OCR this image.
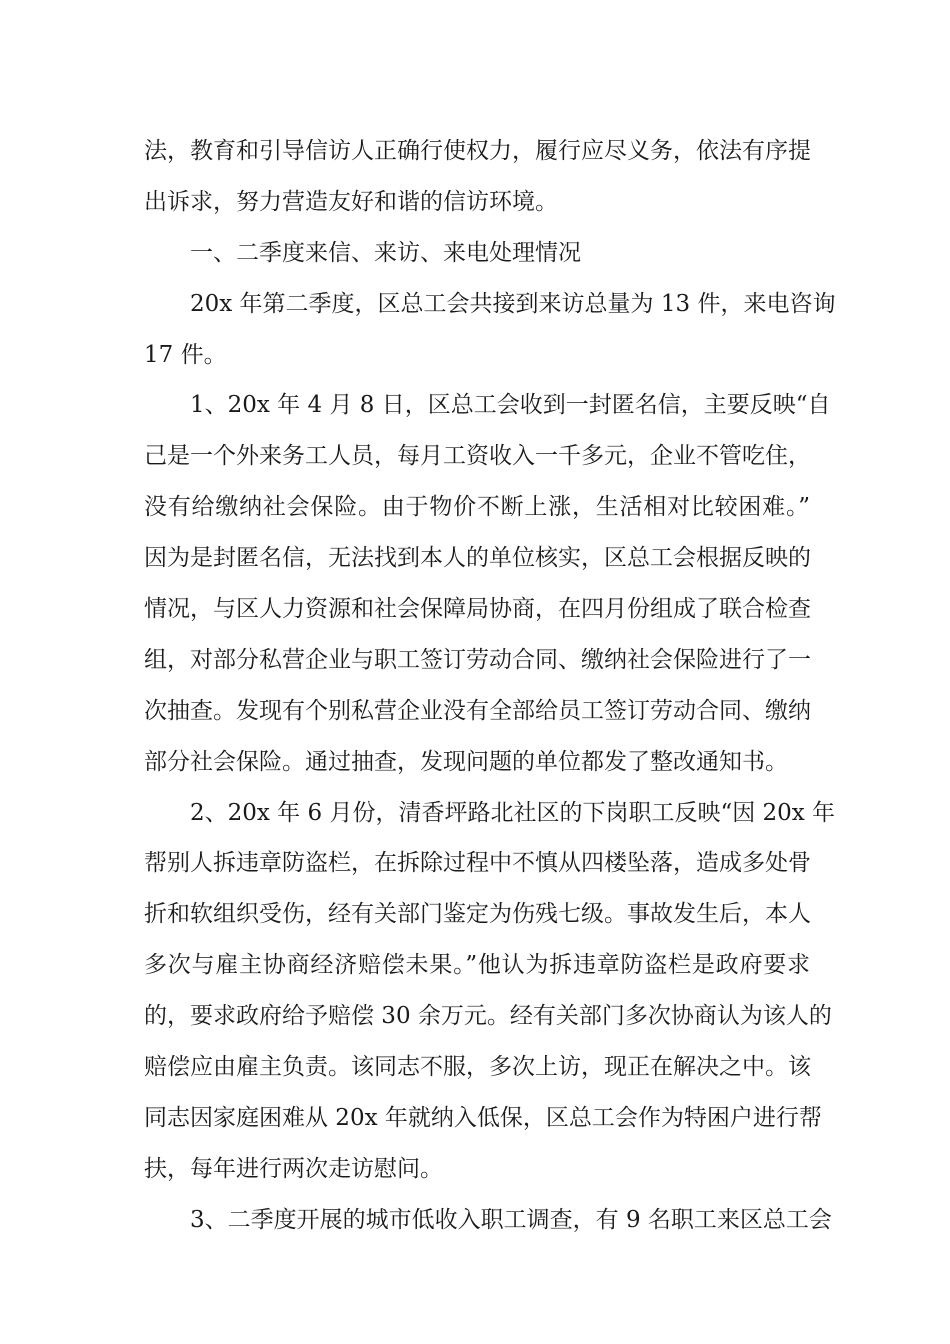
法，教育和引导信访人正确行使权力，履行应尽义务，依法有序提
出诉求，努力营造友好和谐的信访环境。
一、二季度来信、来访、来电处理情况
20x 年第二季度，区总工会共接到来访总量为 13 件，来电咨询
17 件。
1、20x 年 4 月 8 日，区总工会收到一封匿名信，主要反映“自
己是一个外来务工人员，每月工资收入一千多元，企业不管吃住，
没有给缴纳社会保险。由于物价不断上涨，生活相对比较困难。”
因为是封匿名信，无法找到本人的单位核实，区总工会根据反映的
情况，与区人力资源和社会保障局协商，在四月份组成了联合检查
组，对部分私营企业与职工签订劳动合同、缴纳社会保险进行了一
次抽查。发现有个别私营企业没有全部给员工签订劳动合同、缴纳
部分社会保险。通过抽查，发现问题的单位都发了整改通知书。
2、20x 年 6 月份，清香坪路北社区的下岗职工反映“因 20x 年
帮别人拆违章防盗栏，在拆除过程中不慎从四楼坠落，造成多处骨
折和软组织受伤，经有关部门鉴定为伤残七级。事故发生后，本人
多次与雇主协商经济赔偿未果。”他认为拆违章防盗栏是政府要求
的，要求政府给予赔偿 30 余万元。经有关部门多次协商认为该人的
赔偿应由雇主负责。该同志不服，多次上访，现正在解决之中。该
同志因家庭困难从 20x 年就纳入低保，区总工会作为特困户进行帮
扶，每年进行两次走访慰问。
3、二季度开展的城市低收入职工调查，有 9 名职工来区总工会
